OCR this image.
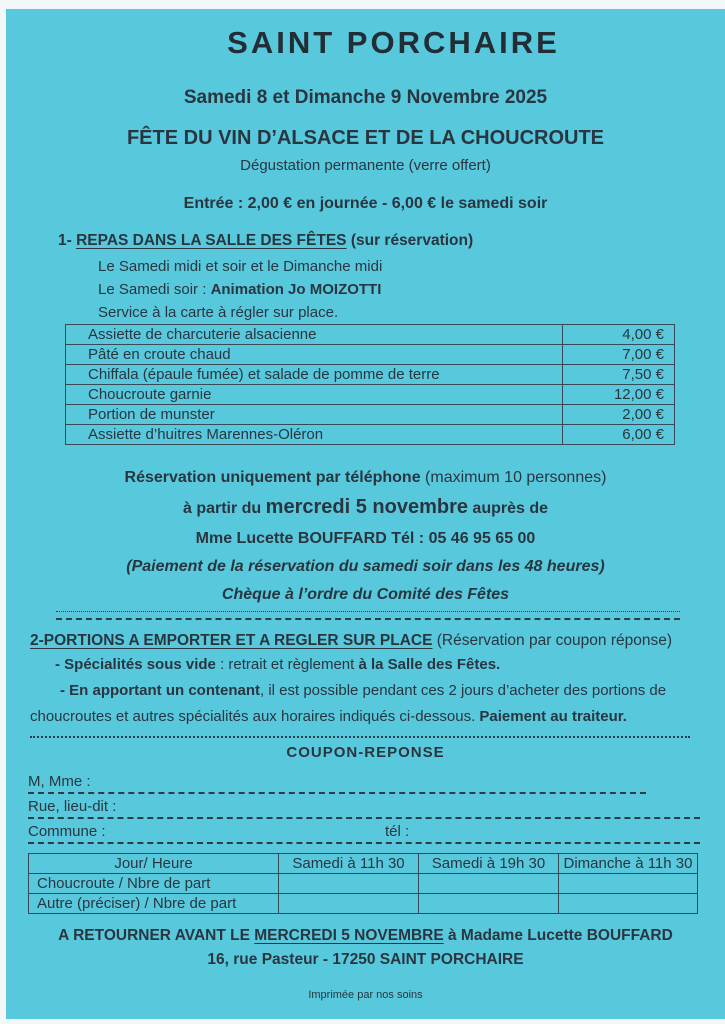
SAINT PORCHAIRE
Samedi 8 et Dimanche 9 Novembre 2025
FÊTE DU VIN D’ALSACE ET DE LA CHOUCROUTE
Dégustation permanente (verre offert)
Entrée : 2,00 € en journée - 6,00 € le samedi soir
1- REPAS DANS LA SALLE DES FÊTES (sur réservation)
Le Samedi midi et soir et le Dimanche midi
Le Samedi soir : Animation Jo MOIZOTTI
Service à la carte à régler sur place.
Assiette de charcuterie alsacienne	4,00 €
Pâté en croute chaud	7,00 €
Chiffala (épaule fumée) et salade de pomme de terre	7,50 €
Choucroute garnie	12,00 €
Portion de munster	2,00 €
Assiette d’huitres Marennes-Oléron	6,00 €
Réservation uniquement par téléphone (maximum 10 personnes)
à partir du mercredi 5 novembre auprès de
Mme Lucette BOUFFARD Tél : 05 46 95 65 00
(Paiement de la réservation du samedi soir dans les 48 heures)
Chèque à l’ordre du Comité des Fêtes
2-PORTIONS A EMPORTER ET A REGLER SUR PLACE (Réservation par coupon réponse)
- Spécialités sous vide : retrait et règlement à la Salle des Fêtes.
- En apportant un contenant, il est possible pendant ces 2 jours d’acheter des portions de choucroutes et autres spécialités aux horaires indiqués ci-dessous. Paiement au traiteur.
COUPON-REPONSE
M, Mme :
Rue, lieu-dit :
Commune :	tél :
Jour/ Heure	Samedi à 11h 30	Samedi à 19h 30	Dimanche à 11h 30
Choucroute / Nbre de part			
Autre (préciser) / Nbre de part			
A RETOURNER AVANT LE MERCREDI 5 NOVEMBRE à Madame Lucette BOUFFARD
16, rue Pasteur - 17250 SAINT PORCHAIRE
Imprimée par nos soins
